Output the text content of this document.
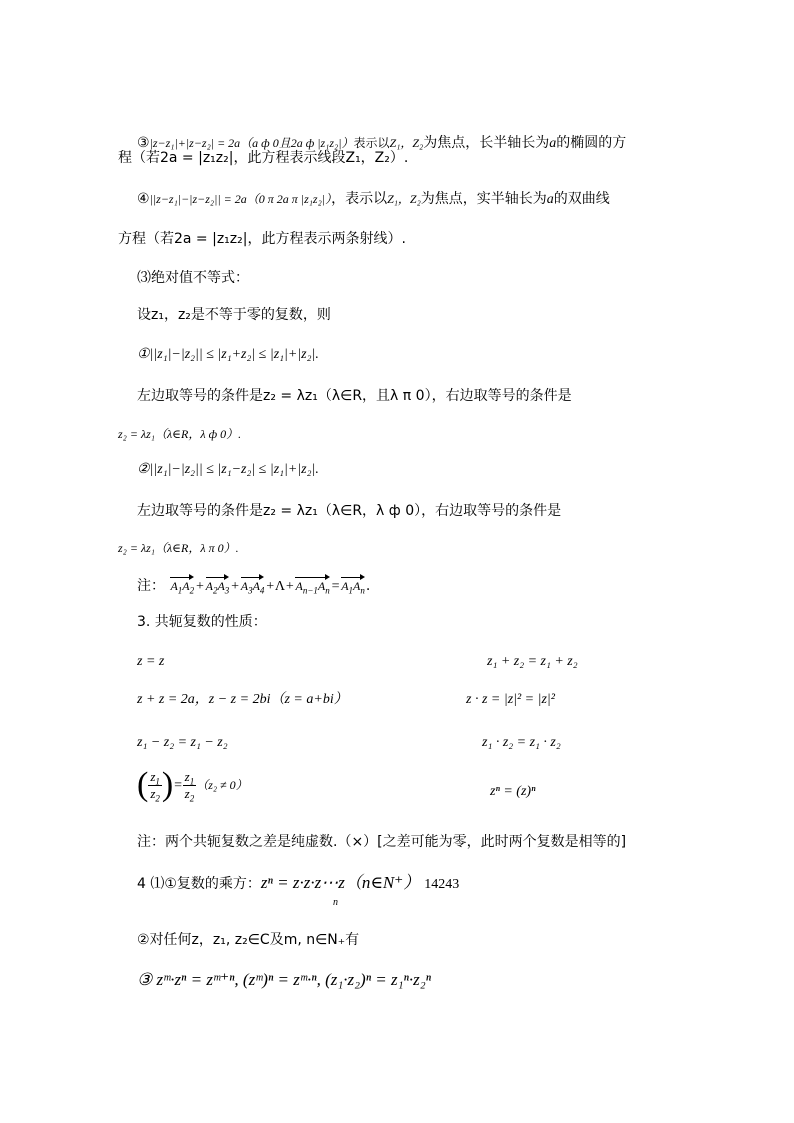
③|z−z₁|+|z−z₂| = 2a（a ф 0且2a ф |z₁z₂|）表示以Z₁，Z₂为焦点，长半轴长为a的椭圆的方
程（若2a = |z₁z₂|，此方程表示线段Z₁，Z₂）.
④||z−z₁|−|z−z₂|| = 2a（0 π 2a π |z₁z₂|），表示以Z₁，Z₂为焦点，实半轴长为a的双曲线
方程（若2a = |z₁z₂|，此方程表示两条射线）.
⑶绝对值不等式：
设z₁，z₂是不等于零的复数，则
①||z₁|−|z₂|| ≤ |z₁+z₂| ≤ |z₁|+|z₂|.
左边取等号的条件是z₂ = λz₁（λ∈R，且λ π 0），右边取等号的条件是
z₂ = λz₁（λ∈R，λ ф 0）.
②||z₁|−|z₂|| ≤ |z₁−z₂| ≤ |z₁|+|z₂|.
左边取等号的条件是z₂ = λz₁（λ∈R，λ ф 0），右边取等号的条件是
z₂ = λz₁（λ∈R，λ π 0）.
注： $A_1A_2+A_2A_3+A_3A_4+\Lambda+A_{n-1}A_n=A_1A_n$.
3. 共轭复数的性质：
z = z	z₁ + z₂ = z₁ + z₂
z + z = 2a，z − z = 2bi（z = a+bi）	z · z = |z|² = |z|²
z₁ − z₂ = z₁ − z₂	z₁ · z₂ = z₁ · z₂
( $\frac{z_1}{z_2}$ )= $\frac{z_1}{z_2} (z_2 \ne 0)$	zⁿ = (z)ⁿ
注：两个共轭复数之差是纯虚数.（×）[之差可能为零，此时两个复数是相等的]
4 ⑴①复数的乘方：zⁿ = z·z·z⋯z（n∈N⁺） 14243
n
②对任何z，z₁, z₂∈C及m, n∈N₊有
③ zᵐ·zⁿ = zᵐ⁺ⁿ, (zᵐ)ⁿ = zᵐ·ⁿ, (z₁·z₂)ⁿ = z₁ⁿ·z₂ⁿ
